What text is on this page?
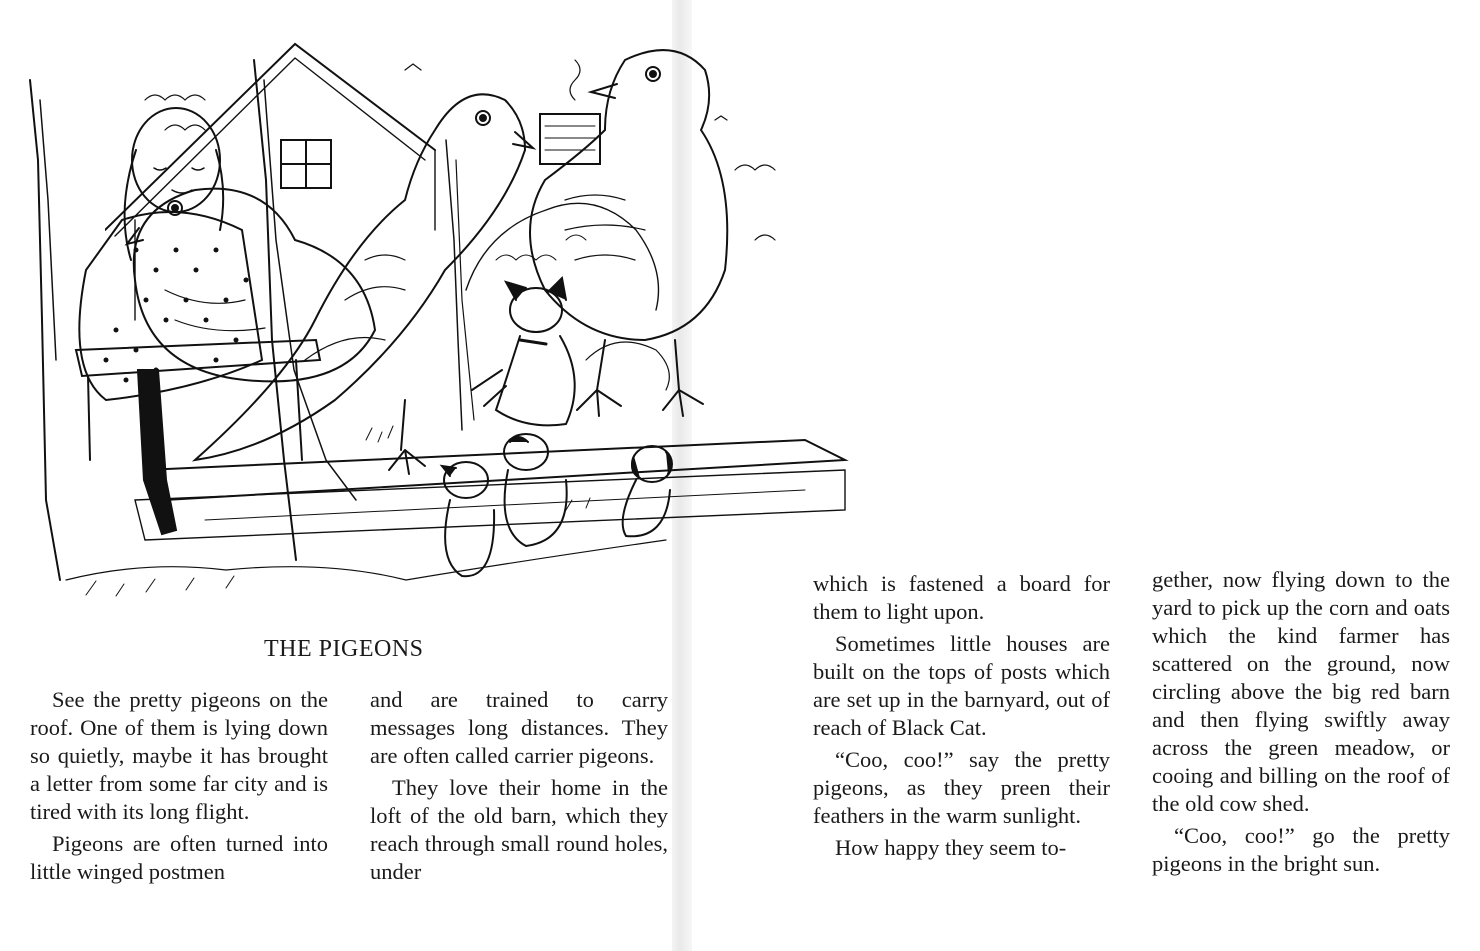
THE PIGEONS

See the pretty pigeons on the roof. One of them is lying down so quietly, maybe it has brought a letter from some far city and is tired with its long flight.

Pigeons are often turned into little winged postmen

and are trained to carry messages long distances. They are often called carrier pigeons.

They love their home in the loft of the old barn, which they reach through small round holes, under

which is fastened a board for them to light upon.

Sometimes little houses are built on the tops of posts which are set up in the barnyard, out of reach of Black Cat.

“Coo, coo!” say the pretty pigeons, as they preen their feathers in the warm sunlight.

How happy they seem to-

gether, now flying down to the yard to pick up the corn and oats which the kind farmer has scattered on the ground, now circling above the big red barn and then flying swiftly away across the green meadow, or cooing and billing on the roof of the old cow shed.

“Coo, coo!” go the pretty pigeons in the bright sun.
